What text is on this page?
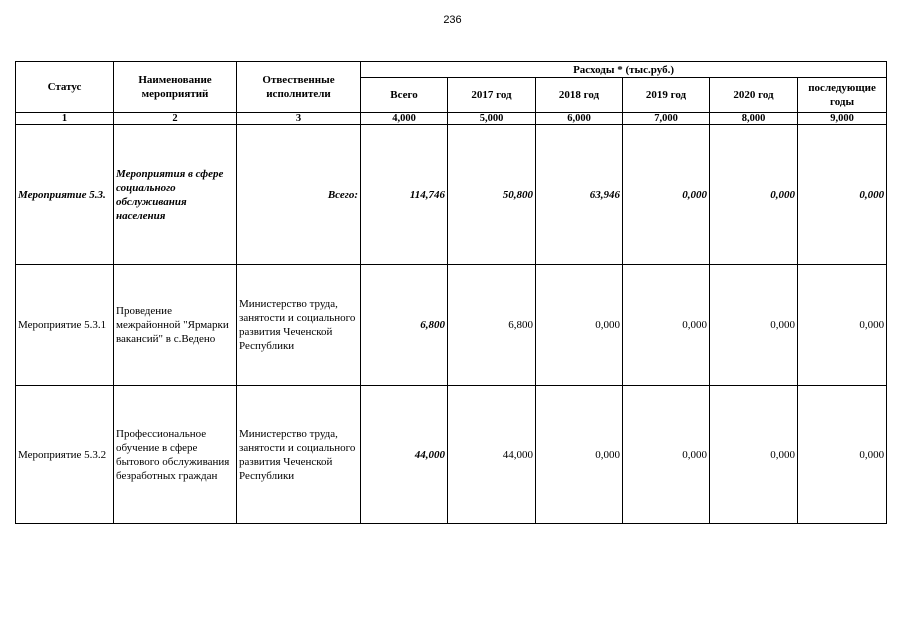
236
Статус	Наименование мероприятий	Отвественные исполнители	Расходы * (тыс.руб.)					
			Всего	2017 год	2018 год	2019 год	2020 год	последующие годы

1	2	3	4,000	5,000	6,000	7,000	8,000	9,000
Мероприятие 5.3.	Мероприятия в сфере социального обслуживания населения	Всего:	114,746	50,800	63,946	0,000	0,000	0,000
Мероприятие 5.3.1	Проведение межрайонной "Ярмарки вакансий" в с.Ведено	Министерство труда, занятости и социального развития Чеченской Республики	6,800	6,800	0,000	0,000	0,000	0,000
Мероприятие 5.3.2	Профессиональное обучение в сфере бытового обслуживания безработных граждан	Министерство труда, занятости и социального развития Чеченской Республики	44,000	44,000	0,000	0,000	0,000	0,000
